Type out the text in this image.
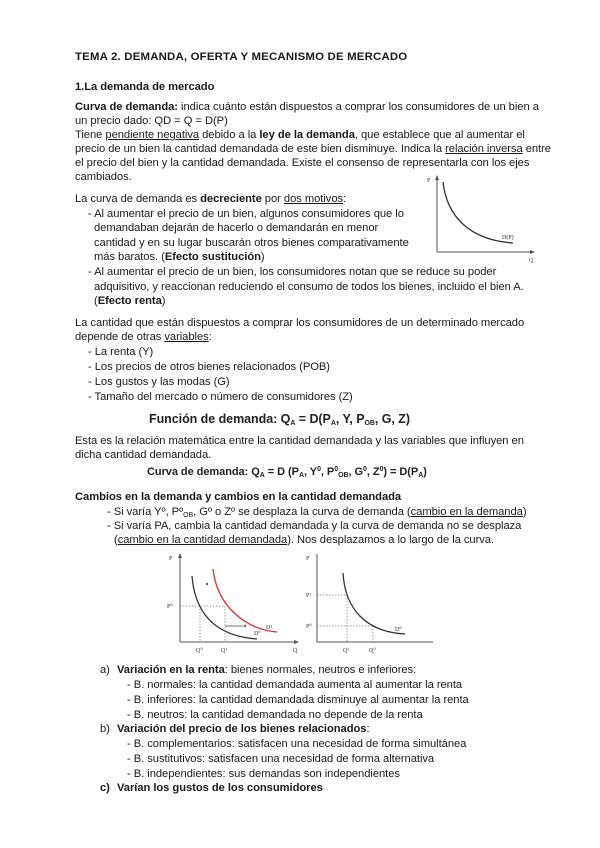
TEMA 2. DEMANDA, OFERTA Y MECANISMO DE MERCADO
1.La demanda de mercado
Curva de demanda: indica cuánto están dispuestos a comprar los consumidores de un bien a
un precio dado: QD = Q = D(P)
Tiene pendiente negativa debido a la ley de la demanda, que establece que al aumentar el
precio de un bien la cantidad demandada de este bien disminuye. Indica la relación inversa entre
el precio del bien y la cantidad demandada. Existe el consenso de representarla con los ejes
cambiados.
La curva de demanda es decreciente por dos motivos:
- Al aumentar el precio de un bien, algunos consumidores que lo
demandaban dejarán de hacerlo o demandarán en menor
cantidad y en su lugar buscarán otros bienes comparativamente
más baratos. (Efecto sustitución)
- Al aumentar el precio de un bien, los consumidores notan que se reduce su poder
adquisitivo, y reaccionan reduciendo el consumo de todos los bienes, incluido el bien A.
(Efecto renta)
P
Q
D(P)
La cantidad que están dispuestos a comprar los consumidores de un determinado mercado
depende de otras variables:
- La renta (Y)
- Los precios de otros bienes relacionados (POB)
- Los gustos y las modas (G)
- Tamaño del mercado o número de consumidores (Z)
Función de demanda: $Q_A = D(P_A$, Y, $P_{OB}$, G, Z)
Esta es la relación matemática entre la cantidad demandada y las variables que influyen en
dicha cantidad demandada.
Curva de demanda: $Q_A = D$ ($P_A$, $Y^0$, $P^0_{OB}$, $G^0$, $Z^0) = D(P_A)$
Cambios en la demanda y cambios en la cantidad demandada
- Si varía Yº, Pº$_{OB}$, Gº o Zº se desplaza la curva de demanda (cambio en la demanda)
- Si varía PA, cambia la cantidad demandada y la curva de demanda no se desplaza
(cambio en la cantidad demandada). Nos desplazamos a lo largo de la curva.
P
Q
P⁰
Q⁰	Q¹
D⁰
D¹
P
P¹
P⁰
Q¹	Q⁰
D⁰
a) Variación en la renta: bienes normales, neutros e inferiores:
- B. normales: la cantidad demandada aumenta al aumentar la renta
- B. inferiores: la cantidad demandada disminuye al aumentar la renta
- B. neutros: la cantidad demandada no depende de la renta
b) Variación del precio de los bienes relacionados:
- B. complementarios: satisfacen una necesidad de forma simultánea
- B. sustitutivos: satisfacen una necesidad de forma alternativa
- B. independientes: sus demandas son independientes
c) Varían los gustos de los consumidores
